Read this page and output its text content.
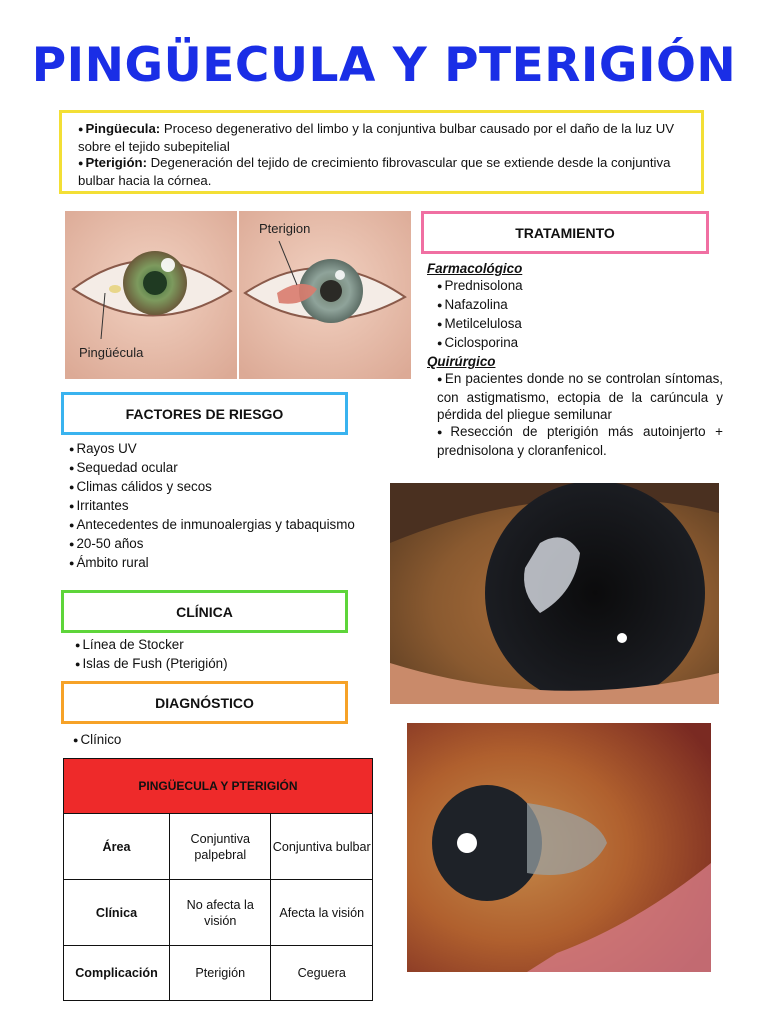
PINGÜECULA Y PTERIGIÓN

● Pingüecula: Proceso degenerativo del limbo y la conjuntiva bulbar causado por el daño de la luz UV sobre el tejido subepitelial

● Pterigión: Degeneración del tejido de crecimiento fibrovascular que se extiende desde la conjuntiva bulbar hacia la córnea.

Pingüécula
Pterigion	TRATAMIENTO
Farmacológico
● Prednisolona
● Nafazolina
● Metilcelulosa
● Ciclosporina
Quirúrgico
● En pacientes donde no se controlan síntomas, con astigmatismo, ectopia de la carúncula y pérdida del pliegue semilunar
● Resección de pterigión más autoinjerto + prednisolona y cloranfenicol.
FACTORES DE RIESGO
● Rayos UV
● Sequedad ocular
● Climas cálidos y secos
● Irritantes
● Antecedentes de inmunoalergias y tabaquismo
● 20-50 años
● Ámbito rural
CLÍNICA
● Línea de Stocker
● Islas de Fush (Pterigión)
DIAGNÓSTICO
● Clínico
PINGÜECULA Y PTERIGIÓN		
Área	Conjuntiva palpebral	Conjuntiva bulbar
Clínica	No afecta la visión	Afecta la visión
Complicación	Pterigión	Ceguera
